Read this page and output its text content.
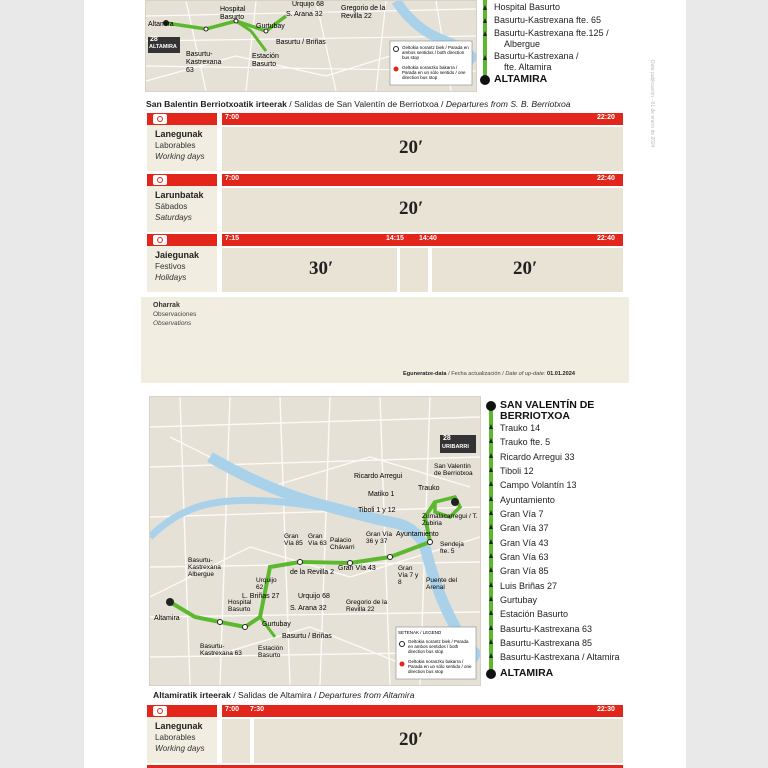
Data publicación · 01 de enero de 2024
Altamira
Hospital Basurto
Urquijo 68
S. Arana 32
Gregorio de la Revilla 22
Gurtubay
Basurtu / Briñas
Basurtu-Kastrexana 63
Estación Basurto
28
ALTAMIRA	Geltokia norantz biek / Parada en ambos sentidos / both direction bus stop
Geltokia noranzko bakarra / Parada en un sólo sentido / one direction bus stop
Hospital Basurto
Basurtu-Kastrexana fte. 65
Basurtu-Kastrexana fte.125 /
Albergue
Basurtu-Kastrexana /
fte. Altamira
ALTAMIRA
San Balentin Berriotxoatik irteerak / Salidas de San Valentín de Berriotxoa / Departures from S. B. Berriotxoa
Lanegunak
Laborables
Working days
7:00	22:20
20′
Larunbatak
Sábados
Saturdays
7:00	22:40
20′
Jaiegunak
Festivos
Holidays
7:15	14:15 14:40	22:40
30′	20′
Oharrak
Observaciones
Observations
Eguneratze-data / Fecha actualización / Date of up-date: 01.01.2024
28
URIBARRI
Ricardo Arregui
San Valentín de Berriotxoa
Trauko
Matiko 1
Tiboli 1 y 12
Zumalacarregui / T. Zubiria
Gran Vía 85
Gran Vía 63 Palacio Chávarri
Gran Vía 36 y 37
Ayuntamiento
Sendeja fte. 5
Gran Vía 43	Gran Vía 7 y 8	Puente del Arenal
Basurtu-Kastrexana Albergue
Urquijo 62
de la Revilla 2
L. Briñas 27
Hospital Basurto
Urquijo 68
S. Arana 32
Gregorio de la Revilla 22
Altamira
Gurtubay
Basurtu / Briñas
Basurtu-Kastrexana 63
Estación Basurto
SETENAK / LEGEND
Geltokia norantz biek / Parada en ambos sentidos / both direction bus stop
Geltokia noranzko bakarra / Parada en un sólo sentido / one direction bus stop
SAN VALENTÍN DE
BERRIOTXOA
Trauko 14
Trauko fte. 5
Ricardo Arregui 33
Tiboli 12
Campo Volantín 13
Ayuntamiento
Gran Vía 7
Gran Vía 37
Gran Vía 43
Gran Vía 63
Gran Vía 85
Luis Briñas 27
Gurtubay
Estación Basurto
Basurtu-Kastrexana 63
Basurtu-Kastrexana 85
Basurtu-Kastrexana / Altamira
ALTAMIRA
Altamiratik irteerak / Salidas de Altamira / Departures from Altamira
Lanegunak
Laborables
Working days
7:00 7:30	22:30
20′
